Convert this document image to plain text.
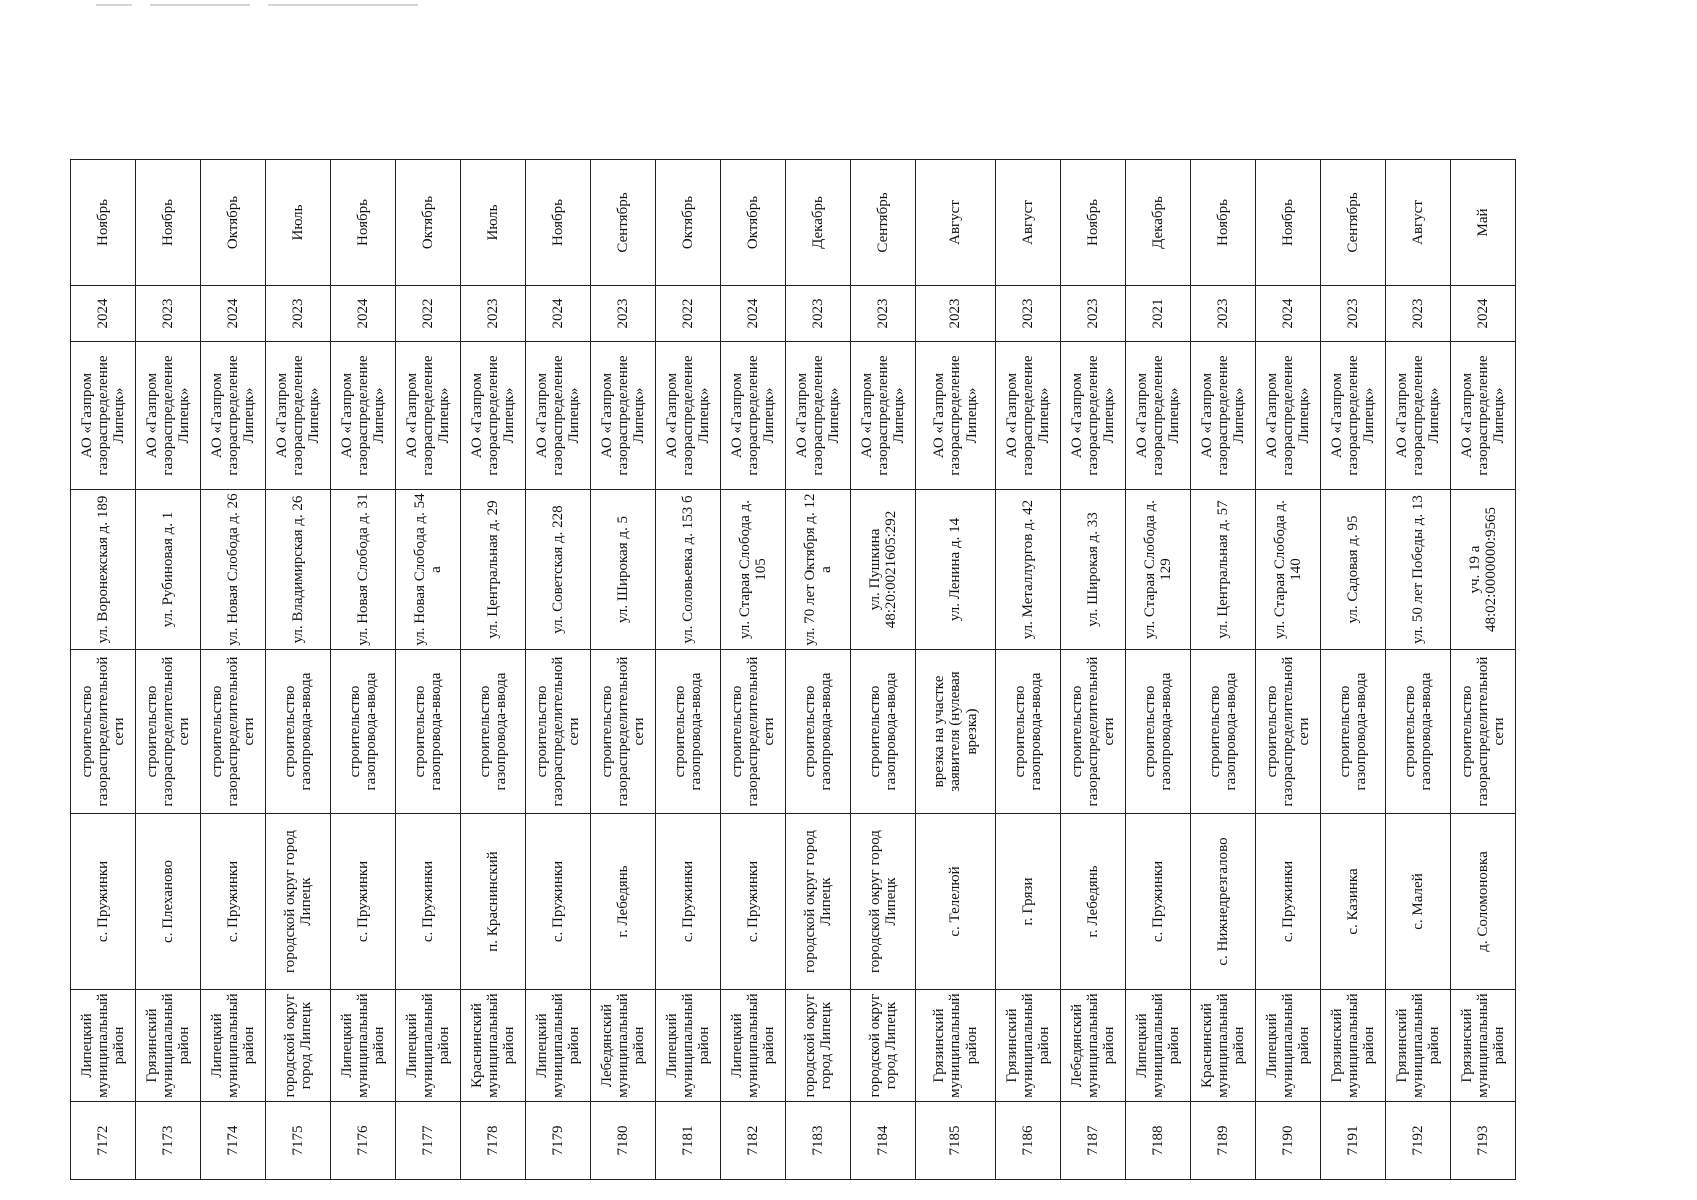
7172	Липецкий муниципальный район	с. Пружинки	строительство газораспределительной сети	ул. Воронежская д. 189	АО «Газпром газораспределение Липецк»	2024	Ноябрь
7173	Грязинский муниципальный район	с. Плеханово	строительство газораспределительной сети	ул. Рубиновая д. 1	АО «Газпром газораспределение Липецк»	2023	Ноябрь
7174	Липецкий муниципальный район	с. Пружинки	строительство газораспределительной сети	ул. Новая Слобода д. 26	АО «Газпром газораспределение Липецк»	2024	Октябрь
7175	городской округ город Липецк	городской округ город Липецк	строительство газопровода-ввода	ул. Владимирская д. 26	АО «Газпром газораспределение Липецк»	2023	Июль
7176	Липецкий муниципальный район	с. Пружинки	строительство газопровода-ввода	ул. Новая Слобода д. 31	АО «Газпром газораспределение Липецк»	2024	Ноябрь
7177	Липецкий муниципальный район	с. Пружинки	строительство газопровода-ввода	ул. Новая Слобода д. 54 а	АО «Газпром газораспределение Липецк»	2022	Октябрь
7178	Краснинский муниципальный район	п. Краснинский	строительство газопровода-ввода	ул. Центральная д. 29	АО «Газпром газораспределение Липецк»	2023	Июль
7179	Липецкий муниципальный район	с. Пружинки	строительство газораспределительной сети	ул. Советская д. 228	АО «Газпром газораспределение Липецк»	2024	Ноябрь
7180	Лебедянский муниципальный район	г. Лебедянь	строительство газораспределительной сети	ул. Широкая д. 5	АО «Газпром газораспределение Липецк»	2023	Сентябрь
7181	Липецкий муниципальный район	с. Пружинки	строительство газопровода-ввода	ул. Соловьевка д. 153 б	АО «Газпром газораспределение Липецк»	2022	Октябрь
7182	Липецкий муниципальный район	с. Пружинки	строительство газораспределительной сети	ул. Старая Слобода д. 105	АО «Газпром газораспределение Липецк»	2024	Октябрь
7183	городской округ город Липецк	городской округ город Липецк	строительство газопровода-ввода	ул. 70 лет Октября д. 12 а	АО «Газпром газораспределение Липецк»	2023	Декабрь
7184	городской округ город Липецк	городской округ город Липецк	строительство газопровода-ввода	ул. Пушкина 48:20:0021605:292	АО «Газпром газораспределение Липецк»	2023	Сентябрь
7185	Грязинский муниципальный район	с. Телелюй	врезка на участке заявителя (нулевая врезка)	ул. Ленина д. 14	АО «Газпром газораспределение Липецк»	2023	Август
7186	Грязинский муниципальный район	г. Грязи	строительство газопровода-ввода	ул. Металлургов д. 42	АО «Газпром газораспределение Липецк»	2023	Август
7187	Лебедянский муниципальный район	г. Лебедянь	строительство газораспределительной сети	ул. Широкая д. 33	АО «Газпром газораспределение Липецк»	2023	Ноябрь
7188	Липецкий муниципальный район	с. Пружинки	строительство газопровода-ввода	ул. Старая Слобода д. 129	АО «Газпром газораспределение Липецк»	2021	Декабрь
7189	Краснинский муниципальный район	с. Нижнедрезгалово	строительство газопровода-ввода	ул. Центральная д. 57	АО «Газпром газораспределение Липецк»	2023	Ноябрь
7190	Липецкий муниципальный район	с. Пружинки	строительство газораспределительной сети	ул. Старая Слобода д. 140	АО «Газпром газораспределение Липецк»	2024	Ноябрь
7191	Грязинский муниципальный район	с. Казинка	строительство газопровода-ввода	ул. Садовая д. 95	АО «Газпром газораспределение Липецк»	2023	Сентябрь
7192	Грязинский муниципальный район	с. Малей	строительство газопровода-ввода	ул. 50 лет Победы д. 13	АО «Газпром газораспределение Липецк»	2023	Август
7193	Грязинский муниципальный район	д. Соломоновка	строительство газораспределительной сети	уч. 19 а 48:02:0000000:9565	АО «Газпром газораспределение Липецк»	2024	Май
